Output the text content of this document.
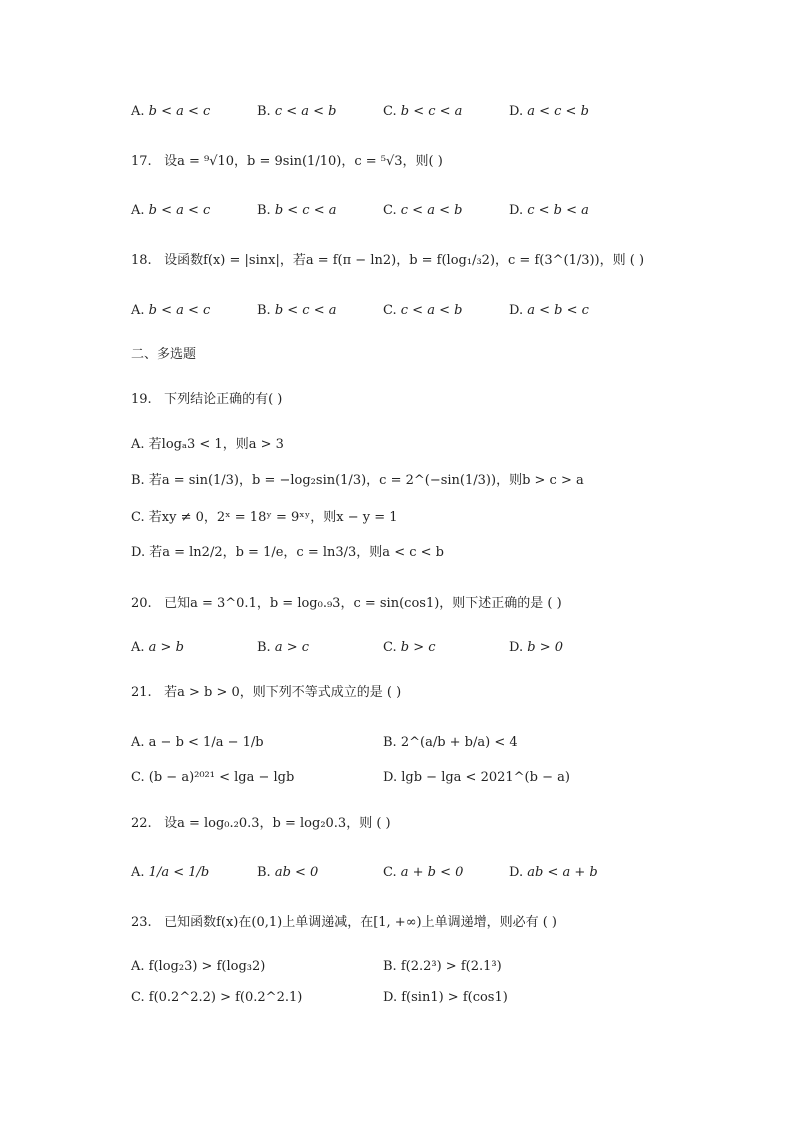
A. b < a < c	B. c < a < b	C. b < c < a	D. a < c < b
17. 设a = ⁹√10，b = 9sin(1/10)，c = ⁵√3，则( )
A. b < a < c	B. b < c < a	C. c < a < b	D. c < b < a
18. 设函数f(x) = |sinx|，若a = f(π − ln2)，b = f(log₁/₃2)，c = f(3^(1/3))，则 ( )
A. b < a < c	B. b < c < a	C. c < a < b	D. a < b < c
二、多选题
19. 下列结论正确的有( )
A. 若logₐ3 < 1，则a > 3
B. 若a = sin(1/3)，b = −log₂sin(1/3)，c = 2^(−sin(1/3))，则b > c > a
C. 若xy ≠ 0，2ˣ = 18ʸ = 9ˣʸ，则x − y = 1
D. 若a = ln2/2，b = 1/e，c = ln3/3，则a < c < b
20. 已知a = 3^0.1，b = log₀.₉3，c = sin(cos1)，则下述正确的是 ( )
A. a > b	B. a > c	C. b > c	D. b > 0
21. 若a > b > 0，则下列不等式成立的是 ( )
A. a − b < 1/a − 1/b	B. 2^(a/b + b/a) < 4
C. (b − a)²⁰²¹ < lga − lgb	D. lgb − lga < 2021^(b − a)
22. 设a = log₀.₂0.3，b = log₂0.3，则 ( )
A. 1/a < 1/b	B. ab < 0	C. a + b < 0	D. ab < a + b
23. 已知函数f(x)在(0,1)上单调递减，在[1, +∞)上单调递增，则必有 ( )
A. f(log₂3) > f(log₃2)	B. f(2.2³) > f(2.1³)
C. f(0.2^2.2) > f(0.2^2.1)	D. f(sin1) > f(cos1)
